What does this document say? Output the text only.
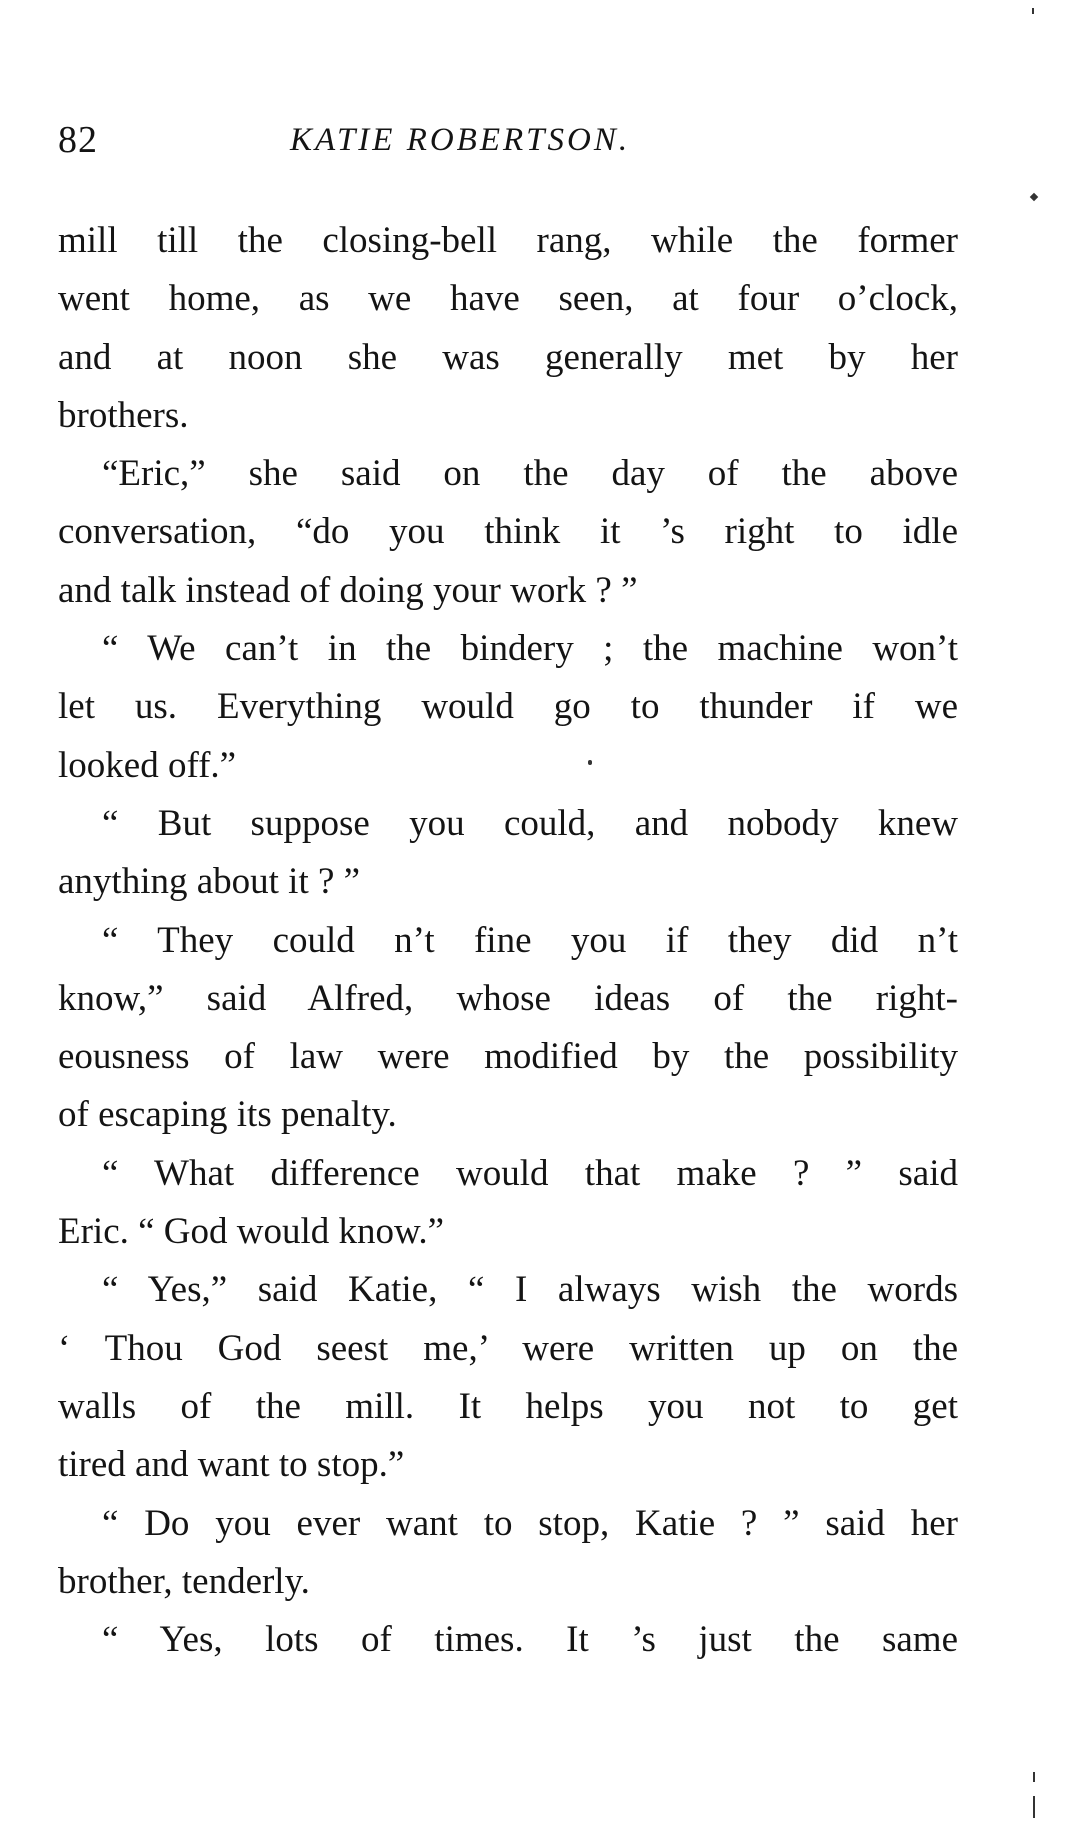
82	KATIE ROBERTSON.
mill till the closing-bell rang, while the former
went home, as we have seen, at four o’clock,
and at noon she was generally met by her
brothers.
“Eric,” she said on the day of the above
conversation, “do you think it ’s right to idle
and talk instead of doing your work ? ”
“ We can’t in the bindery ; the machine won’t
let us. Everything would go to thunder if we
looked off.”
“ But suppose you could, and nobody knew
anything about it ? ”
“ They could n’t fine you if they did n’t
know,” said Alfred, whose ideas of the right-
eousness of law were modified by the possibility
of escaping its penalty.
“ What difference would that make ? ” said
Eric. “ God would know.”
“ Yes,” said Katie, “ I always wish the words
‘ Thou God seest me,’ were written up on the
walls of the mill. It helps you not to get
tired and want to stop.”
“ Do you ever want to stop, Katie ? ” said her
brother, tenderly.
“ Yes, lots of times. It ’s just the same
